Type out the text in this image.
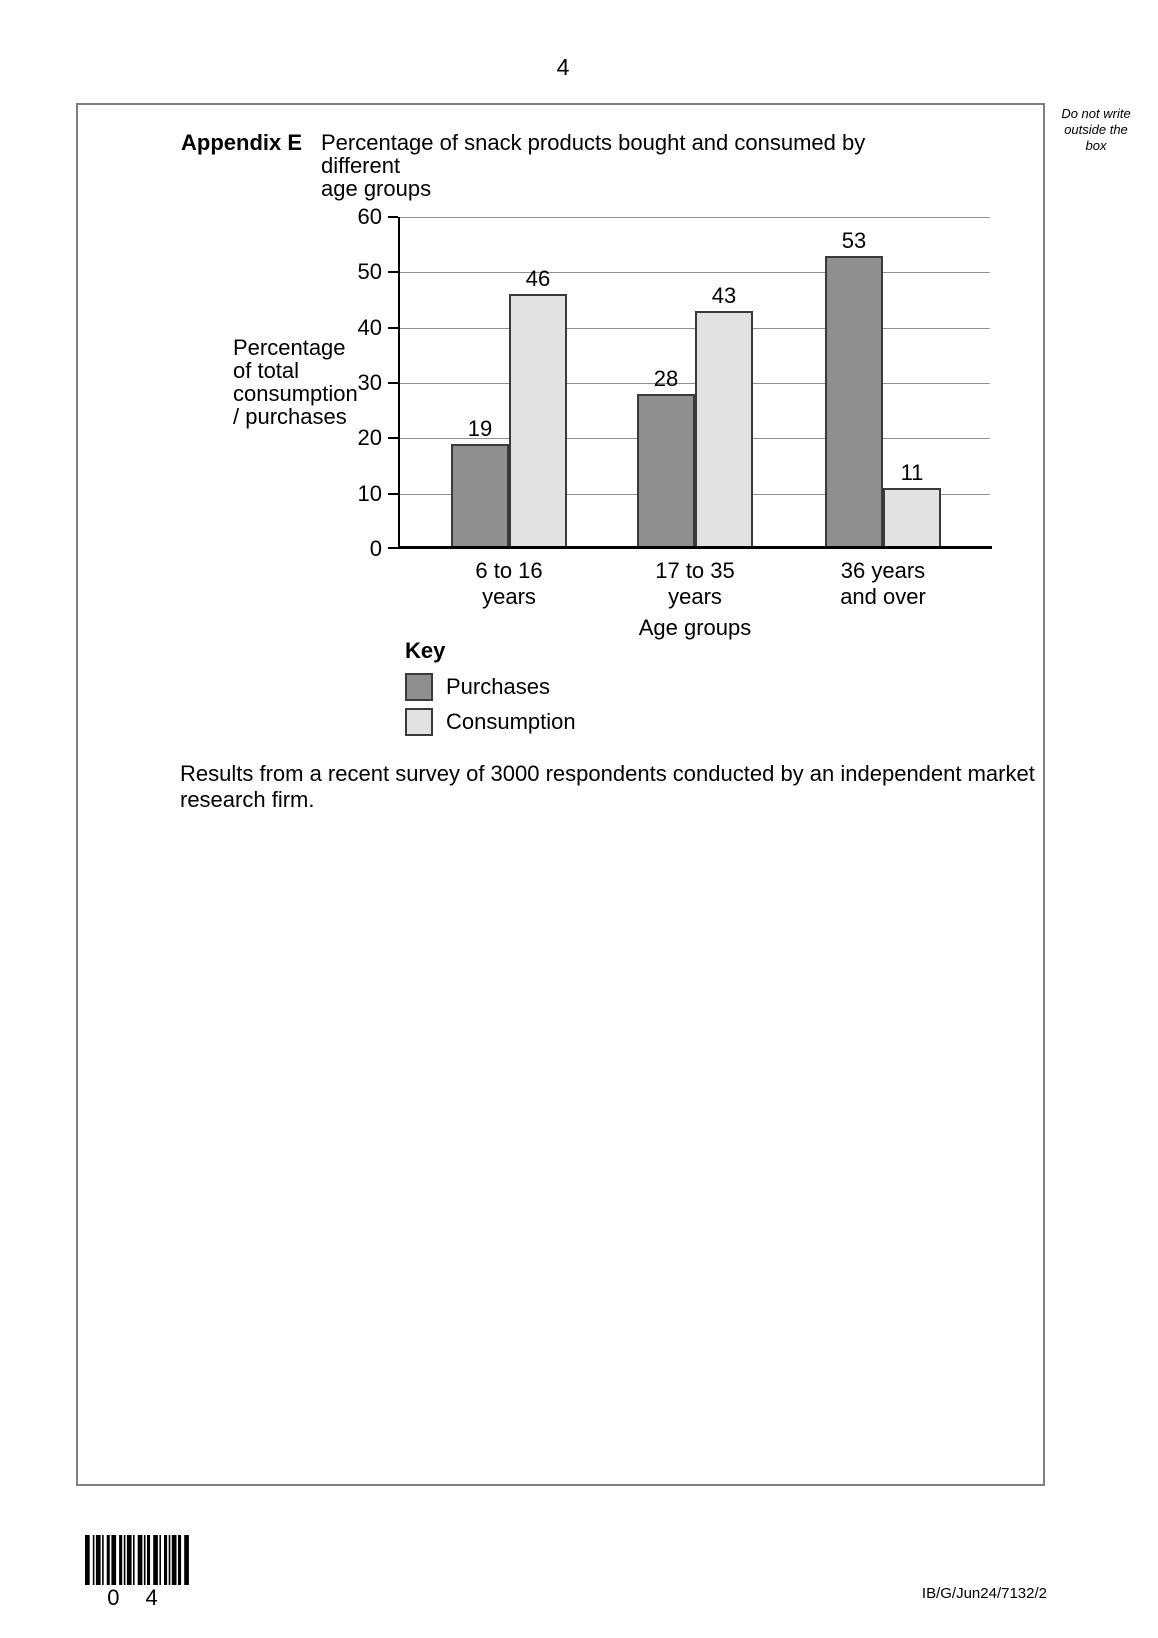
4
Do not write
outside the
box
Appendix E Percentage of snack products bought and consumed by different
age groups
Percentage
of total
consumption
/ purchases
0
10
20
30
40
50
60
19
28
53
46
43
11
6 to 16
years
17 to 35
years
36 years
and over
Age groups
Key
Purchases
Consumption
Results from a recent survey of 3000 respondents conducted by an independent market
research firm.
0 4	IB/G/Jun24/7132/2
